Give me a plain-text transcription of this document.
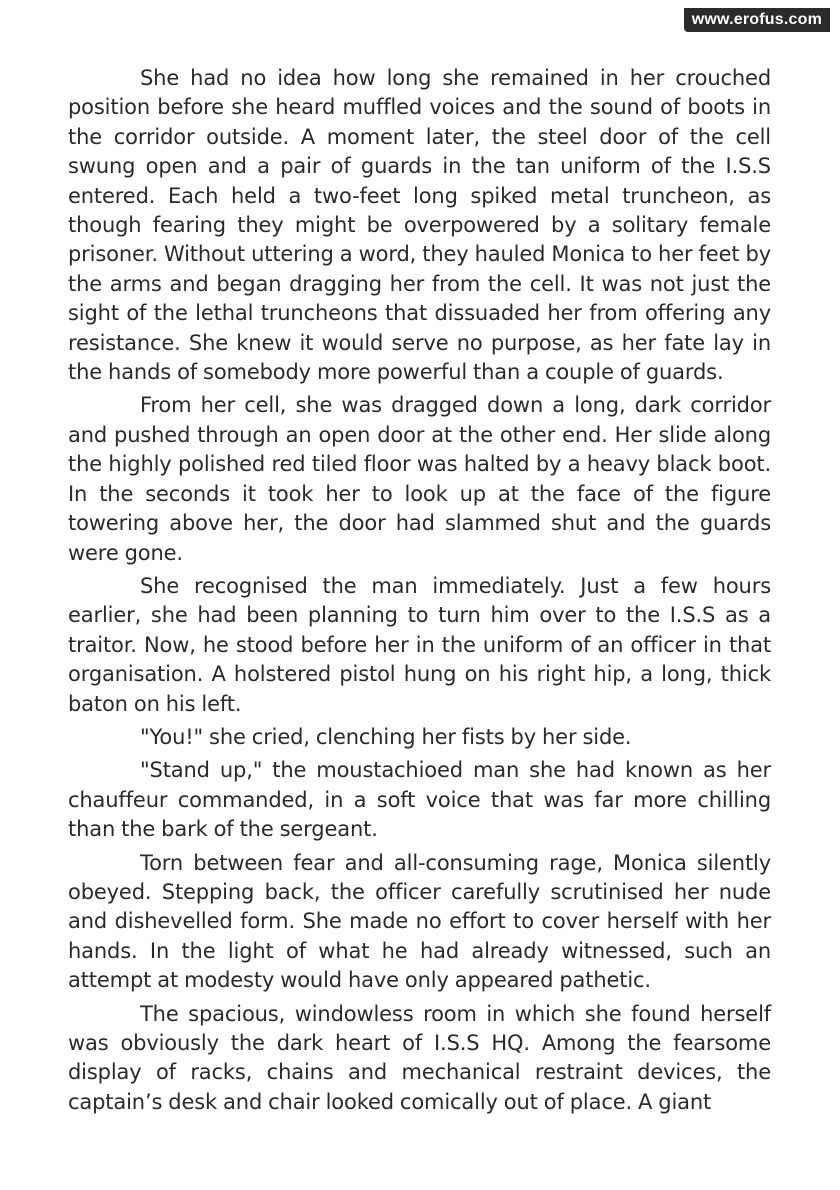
www.erofus.com

She had no idea how long she remained in her crouched position before she heard muffled voices and the sound of boots in the corridor outside. A moment later, the steel door of the cell swung open and a pair of guards in the tan uniform of the I.S.S entered. Each held a two-feet long spiked metal truncheon, as though fearing they might be overpowered by a solitary female prisoner. Without uttering a word, they hauled Monica to her feet by the arms and began dragging her from the cell. It was not just the sight of the lethal truncheons that dissuaded her from offering any resistance. She knew it would serve no purpose, as her fate lay in the hands of somebody more powerful than a couple of guards.

From her cell, she was dragged down a long, dark corridor and pushed through an open door at the other end. Her slide along the highly polished red tiled floor was halted by a heavy black boot. In the seconds it took her to look up at the face of the figure towering above her, the door had slammed shut and the guards were gone.

She recognised the man immediately. Just a few hours earlier, she had been planning to turn him over to the I.S.S as a traitor. Now, he stood before her in the uniform of an officer in that organisation. A holstered pistol hung on his right hip, a long, thick baton on his left.

"You!" she cried, clenching her fists by her side.

"Stand up," the moustachioed man she had known as her chauffeur commanded, in a soft voice that was far more chilling than the bark of the sergeant.

Torn between fear and all-consuming rage, Monica silently obeyed. Stepping back, the officer carefully scrutinised her nude and dishevelled form. She made no effort to cover herself with her hands. In the light of what he had already witnessed, such an attempt at modesty would have only appeared pathetic.

The spacious, windowless room in which she found herself was obviously the dark heart of I.S.S HQ. Among the fearsome display of racks, chains and mechanical restraint devices, the captain’s desk and chair looked comically out of place. A giant
